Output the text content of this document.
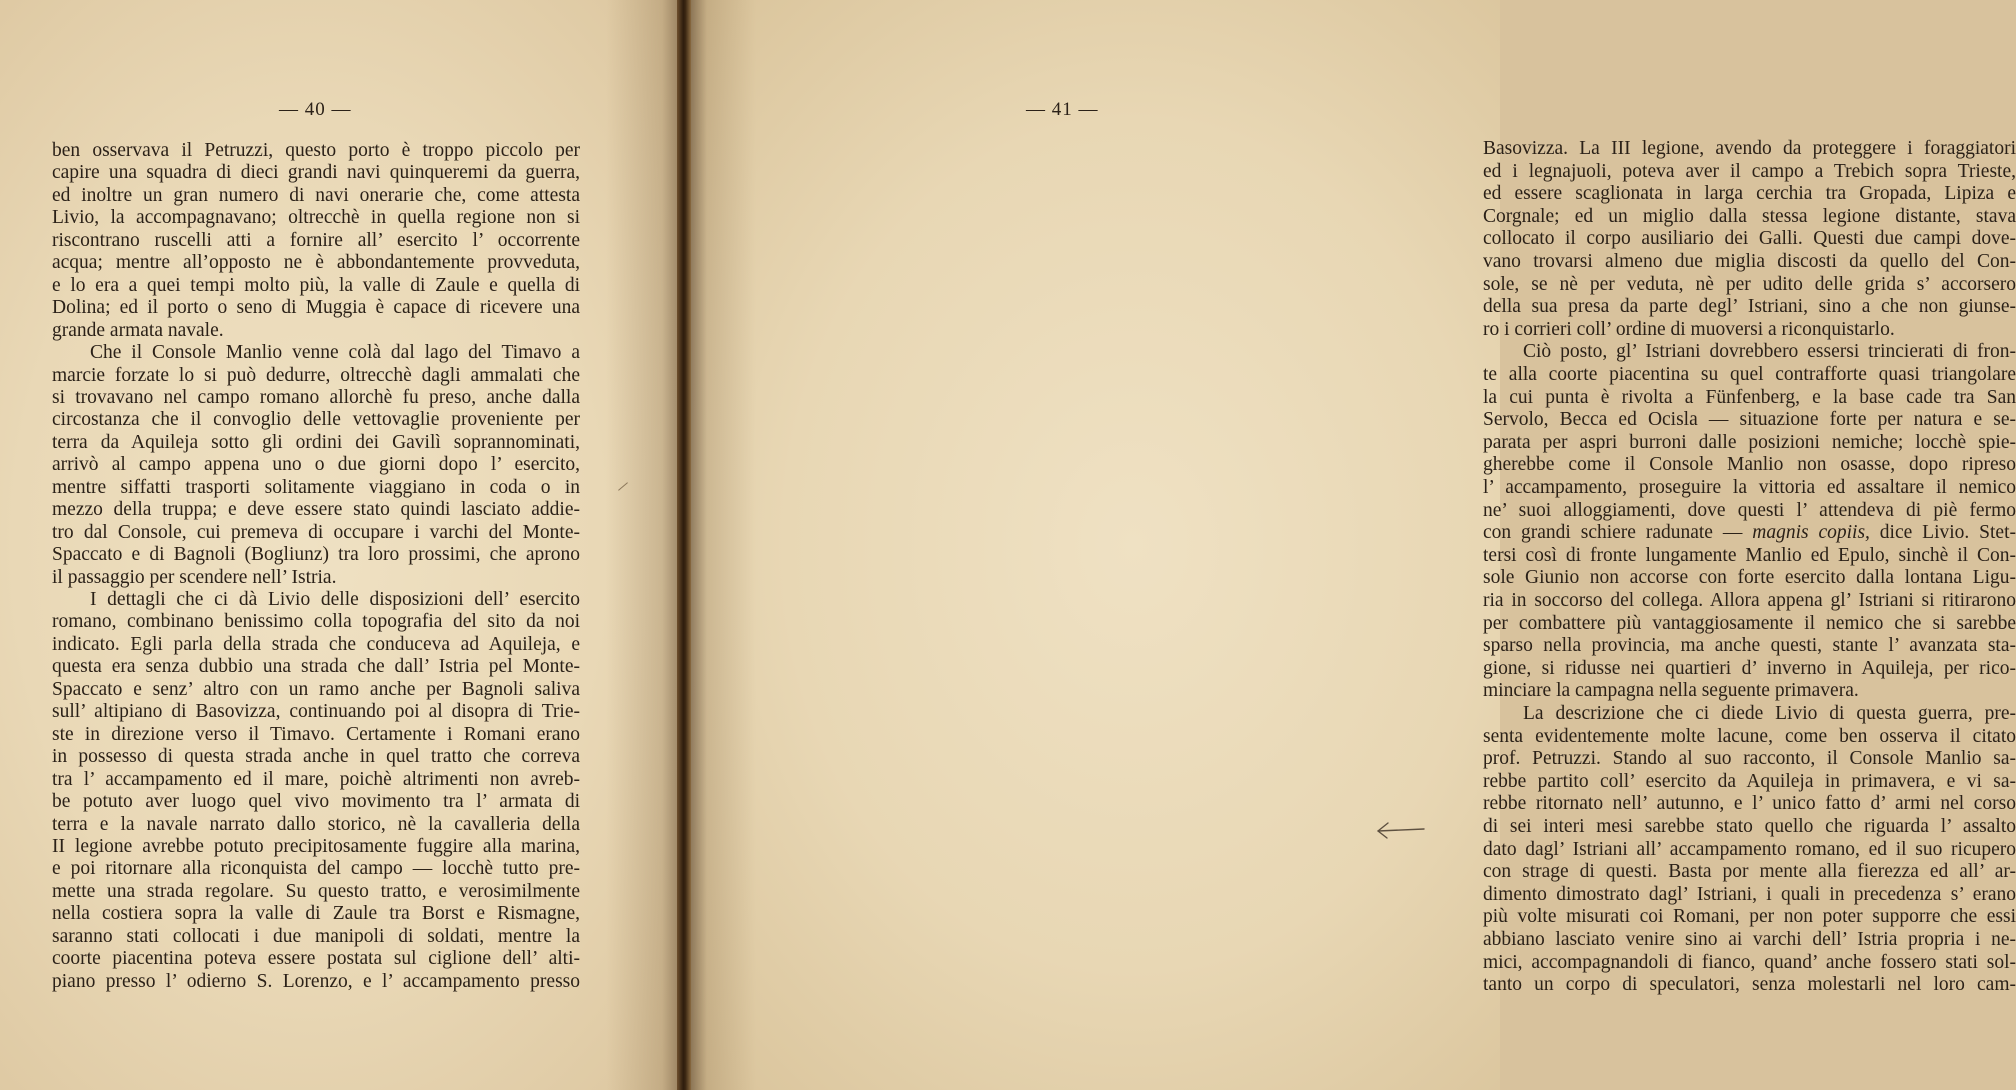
— 40 —
ben osservava il Petruzzi, questo porto è troppo piccolo per
capire una squadra di dieci grandi navi quinqueremi da guerra,
ed inoltre un gran numero di navi onerarie che, come attesta
Livio, la accompagnavano; oltrecchè in quella regione non si
riscontrano ruscelli atti a fornire all’ esercito l’ occorrente
acqua; mentre all’opposto ne è abbondantemente provveduta,
e lo era a quei tempi molto più, la valle di Zaule e quella di
Dolina; ed il porto o seno di Muggia è capace di ricevere una
grande armata navale.
Che il Console Manlio venne colà dal lago del Timavo a
marcie forzate lo si può dedurre, oltrecchè dagli ammalati che
si trovavano nel campo romano allorchè fu preso, anche dalla
circostanza che il convoglio delle vettovaglie proveniente per
terra da Aquileja sotto gli ordini dei Gavilì soprannominati,
arrivò al campo appena uno o due giorni dopo l’ esercito,
mentre siffatti trasporti solitamente viaggiano in coda o in
mezzo della truppa; e deve essere stato quindi lasciato addie-
tro dal Console, cui premeva di occupare i varchi del Monte-
Spaccato e di Bagnoli (Bogliunz) tra loro prossimi, che aprono
il passaggio per scendere nell’ Istria.
I dettagli che ci dà Livio delle disposizioni dell’ esercito
romano, combinano benissimo colla topografia del sito da noi
indicato. Egli parla della strada che conduceva ad Aquileja, e
questa era senza dubbio una strada che dall’ Istria pel Monte-
Spaccato e senz’ altro con un ramo anche per Bagnoli saliva
sull’ altipiano di Basovizza, continuando poi al disopra di Trie-
ste in direzione verso il Timavo. Certamente i Romani erano
in possesso di questa strada anche in quel tratto che correva
tra l’ accampamento ed il mare, poichè altrimenti non avreb-
be potuto aver luogo quel vivo movimento tra l’ armata di
terra e la navale narrato dallo storico, nè la cavalleria della
II legione avrebbe potuto precipitosamente fuggire alla marina,
e poi ritornare alla riconquista del campo — locchè tutto pre-
mette una strada regolare. Su questo tratto, e verosimilmente
nella costiera sopra la valle di Zaule tra Borst e Rismagne,
saranno stati collocati i due manipoli di soldati, mentre la
coorte piacentina poteva essere postata sul ciglione dell’ alti-
piano presso l’ odierno S. Lorenzo, e l’ accampamento presso
— 41 —
Basovizza. La III legione, avendo da proteggere i foraggiatori
ed i legnajuoli, poteva aver il campo a Trebich sopra Trieste,
ed essere scaglionata in larga cerchia tra Gropada, Lipiza e
Corgnale; ed un miglio dalla stessa legione distante, stava
collocato il corpo ausiliario dei Galli. Questi due campi dove-
vano trovarsi almeno due miglia discosti da quello del Con-
sole, se nè per veduta, nè per udito delle grida s’ accorsero
della sua presa da parte degl’ Istriani, sino a che non giunse-
ro i corrieri coll’ ordine di muoversi a riconquistarlo.
Ciò posto, gl’ Istriani dovrebbero essersi trincierati di fron-
te alla coorte piacentina su quel contrafforte quasi triangolare
la cui punta è rivolta a Fünfenberg, e la base cade tra San
Servolo, Becca ed Ocisla — situazione forte per natura e se-
parata per aspri burroni dalle posizioni nemiche; locchè spie-
gherebbe come il Console Manlio non osasse, dopo ripreso
l’ accampamento, proseguire la vittoria ed assaltare il nemico
ne’ suoi alloggiamenti, dove questi l’ attendeva di piè fermo
con grandi schiere radunate — magnis copiis, dice Livio. Stet-
tersi così di fronte lungamente Manlio ed Epulo, sinchè il Con-
sole Giunio non accorse con forte esercito dalla lontana Ligu-
ria in soccorso del collega. Allora appena gl’ Istriani si ritirarono
per combattere più vantaggiosamente il nemico che si sarebbe
sparso nella provincia, ma anche questi, stante l’ avanzata sta-
gione, si ridusse nei quartieri d’ inverno in Aquileja, per rico-
minciare la campagna nella seguente primavera.
La descrizione che ci diede Livio di questa guerra, pre-
senta evidentemente molte lacune, come ben osserva il citato
prof. Petruzzi. Stando al suo racconto, il Console Manlio sa-
rebbe partito coll’ esercito da Aquileja in primavera, e vi sa-
rebbe ritornato nell’ autunno, e l’ unico fatto d’ armi nel corso
di sei interi mesi sarebbe stato quello che riguarda l’ assalto
dato dagl’ Istriani all’ accampamento romano, ed il suo ricupero
con strage di questi. Basta por mente alla fierezza ed all’ ar-
dimento dimostrato dagl’ Istriani, i quali in precedenza s’ erano
più volte misurati coi Romani, per non poter supporre che essi
abbiano lasciato venire sino ai varchi dell’ Istria propria i ne-
mici, accompagnandoli di fianco, quand’ anche fossero stati sol-
tanto un corpo di speculatori, senza molestarli nel loro cam-
